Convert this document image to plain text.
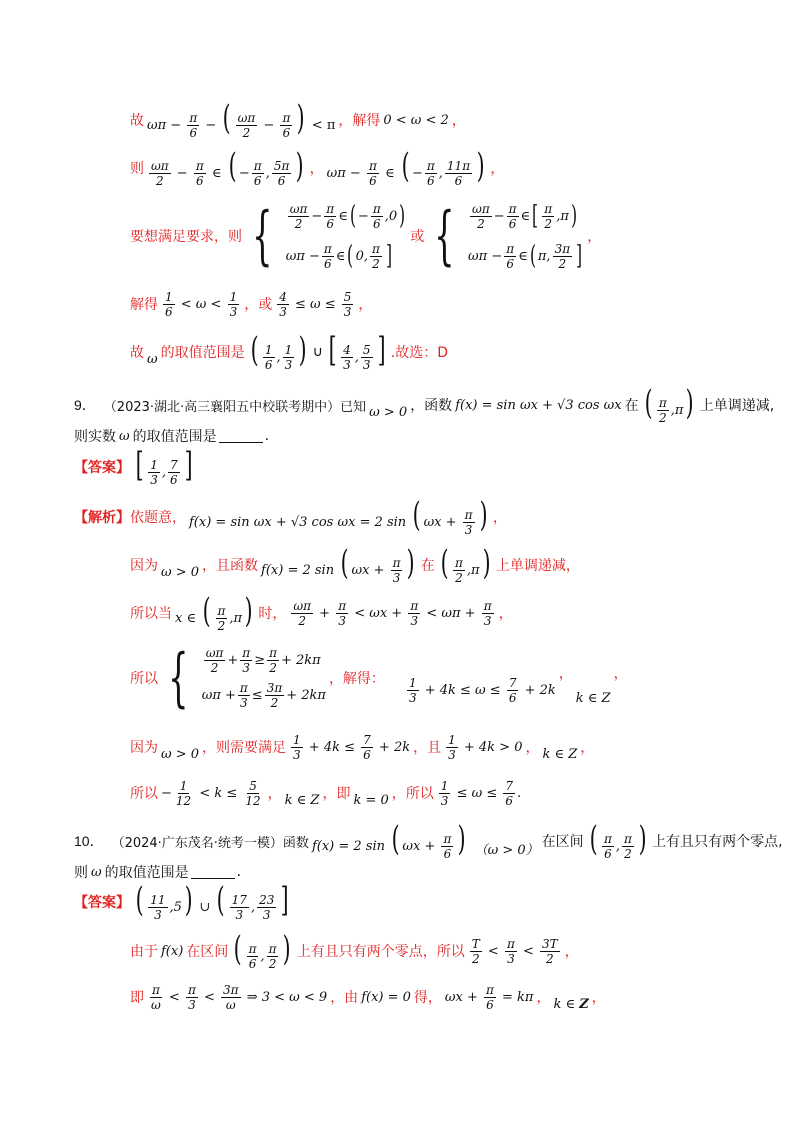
故 $\omega\pi - \frac{\pi}{6}$ − ( $\frac{\omega\pi}{2} - \frac{\pi}{6}$ ) < π ，解得 0 < ω < 2 ，
则 $\frac{\omega\pi}{2} - \frac{\pi}{6}$ ∈ ( − $\frac{\pi}{6}$ , $\frac{5\pi}{6}$ ) ， $\omega\pi - \frac{\pi}{6}$ ∈ ( − $\frac{\pi}{6}$ , $\frac{11\pi}{6}$ ) ，
要想满足要求，则 { $\frac{\omega\pi}{2} - \frac{\pi}{6}$ ∈ ( − $\frac{\pi}{6} ,0$ )
$\omega\pi - \frac{\pi}{6}$ ∈ ( 0, $\frac{\pi}{2}$ ]
或 { $\frac{\omega\pi}{2} - \frac{\pi}{6}$ ∈ [ $\frac{\pi}{2} ,\pi$ )
$\omega\pi - \frac{\pi}{6}$ ∈ ( π, $\frac{3\pi}{2}$ ]
，
解得 $\frac{1}{6} < \omega < \frac{1}{3}$ ，或 $\frac{4}{3} \le \omega \le \frac{5}{3}$ ，
故 ω 的取值范围是 ( $\frac{1}{6}$ , $\frac{1}{3}$ ) ∪ [ $\frac{4}{3}$ , $\frac{5}{3}$ ] .故选：D
9． （2023·湖北·高三襄阳五中校联考期中）已知 ω > 0 ，函数 f(x) = sin ωx + √3 cos ωx 在 ( $\frac{\pi}{2} ,\pi$) 上单调递减,
则实数 ω 的取值范围是	.
【答案】 [ $\frac{1}{3}$ , $\frac{7}{6}$ ]
【解析】 依题意， f(x) = sin ωx + √3 cos ωx = 2 sin ( $\omega x + \frac{\pi}{3}$ ) ，
因为 ω > 0 ，且函数 f(x) = 2 sin ( $\omega x + \frac{\pi}{3}$ ) 在 ( $\frac{\pi}{2} ,\pi$) 上单调递减，
所以当 x ∈ ( $\frac{\pi}{2} ,\pi$) 时， $\frac{\omega\pi}{2} + \frac{\pi}{3} < \omega x + \frac{\pi}{3} < \omega\pi + \frac{\pi}{3}$ ，
所以 { $\frac{\omega\pi}{2} + \frac{\pi}{3} \ge \frac{\pi}{2} + 2k\pi$
$\omega\pi + \frac{\pi}{3} \le \frac{3\pi}{2} + 2k\pi$
，解得： $\frac{1}{3} + 4k \le \omega \le \frac{7}{6} + 2k$
，
k ∈ Z
，
因为 ω > 0 ，则需要满足 $\frac{1}{3} + 4k \le \frac{7}{6} + 2k$ ，且 $\frac{1}{3} + 4k > 0$ ， k ∈ Z ，
所以 − $\frac{1}{12} < k \le \frac{5}{12}$ ， k ∈ Z ，即 k = 0 ，所以 $\frac{1}{3} \le \omega \le \frac{7}{6}$ .
10． （2024·广东茂名·统考一模）函数 f(x) = 2 sin ( $\omega x + \frac{\pi}{6}$ ) （ω > 0） 在区间 ( $\frac{\pi}{6}$ , $\frac{\pi}{2}$ ) 上有且只有两个零点,
则 ω 的取值范围是	.
【答案】 ( $\frac{11}{3} ,5$) ∪ ( $\frac{17}{3}$ , $\frac{23}{3}$ ]
由于 f(x) 在区间 ( $\frac{\pi}{6}$ , $\frac{\pi}{2}$ ) 上有且只有两个零点，所以 $\frac{T}{2} < \frac{\pi}{3} < \frac{3T}{2}$ ，
即 $\frac{\pi}{\omega} < \frac{\pi}{3} < \frac{3\pi}{\omega}$ ⇒ 3 < ω < 9 ，由 f(x) = 0 得， $\omega x + \frac{\pi}{6} = k\pi$ ， k ∈ Z ，
